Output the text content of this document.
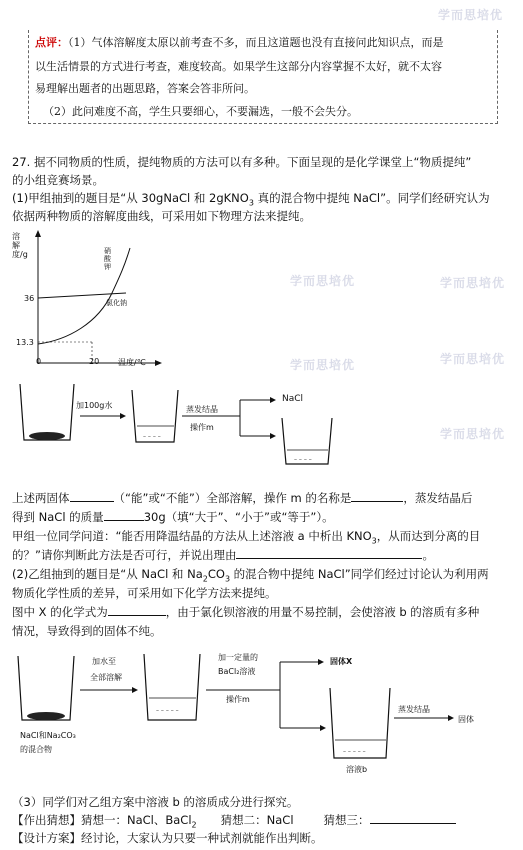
学而思培优
学而思培优	学而思培优
学而思培优	学而思培优
学而思培优
点评：（1）气体溶解度太原以前考查不多，而且这道题也没有直接问此知识点，而是
以生活情景的方式进行考查，难度较高。如果学生这部分内容掌握不太好，就不太容
易理解出题者的出题思路，答案会答非所问。
（2）此问难度不高，学生只要细心，不要漏选，一般不会失分。
27. 据不同物质的性质，提纯物质的方法可以有多种。下面呈现的是化学课堂上“物质提纯”
的小组竞赛场景。
(1)甲组抽到的题目是“从 30gNaCl 和 2gKNO$_3$ 真的混合物中提纯 NaCl”。同学们经研究认为
依据两种物质的溶解度曲线，可采用如下物理方法来提纯。
溶解度/g
36
13.3
0	20 温度/℃
硝酸钾
氯化钠
– – – –
– – – –
加100g水	蒸发结晶
操作m
NaCl
上述两固体	（“能”或“不能”）全部溶解，操作 m 的名称是	，蒸发结晶后
得到 NaCl 的质量	30g（填“大于”、“小于”或“等于”）。
甲组一位同学问道：“能否用降温结晶的方法从上述溶液 a 中析出 $KNO_3$，从而达到分离的目
的？”请你判断此方法是否可行，并说出理由	。
(2)乙组抽到的题目是“从 NaCl 和 $Na_2CO_3$ 的混合物中提纯 NaCl”同学们经过讨论认为利用两
物质化学性质的差异，可采用如下化学方法来提纯。
图中 X 的化学式为	，由于氯化钡溶液的用量不易控制，会使溶液 b 的溶质有多种
情况，导致得到的固体不纯。
– – – – –
– – – – –
加水至
全部溶解
加一定量的
BaCl₂溶液
操作m
固体X
蒸发结晶
固体
NaCl和Na₂CO₃
的混合物
溶液b
（3）同学们对乙组方案中溶液 b 的溶质成分进行探究。
【作出猜想】猜想一：NaCl、BaCl$_2$ 猜想二：NaCl	猜想三：
【设计方案】经讨论，大家认为只要一种试剂就能作出判断。
